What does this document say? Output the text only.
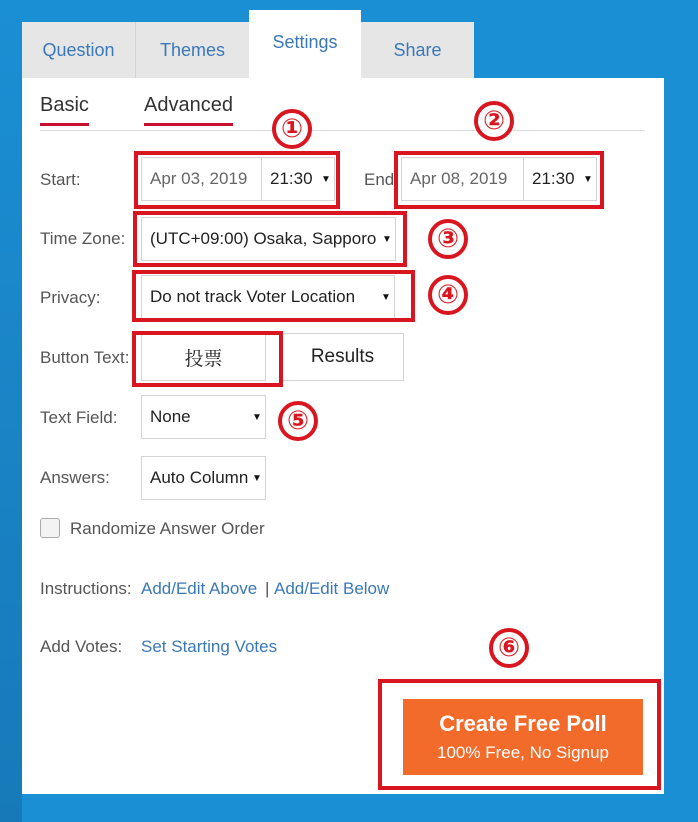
Question	Themes	Settings	Share
Basic	Advanced
Start:	Apr 03, 2019	21:30 ▼ End Apr 08, 2019	21:30 ▼
Time Zone:	(UTC+09:00) Osaka, Sapporo ▼
Privacy:	Do not track Voter Location	▼
Button Text:	投票	Results
Text Field:	None	▼
Answers:	Auto Column ▼
Randomize Answer Order
Instructions: Add/Edit Above | Add/Edit Below
Add Votes: Set Starting Votes
Create Free Poll
100% Free, No Signup
①	②
③
④
⑤
⑥
